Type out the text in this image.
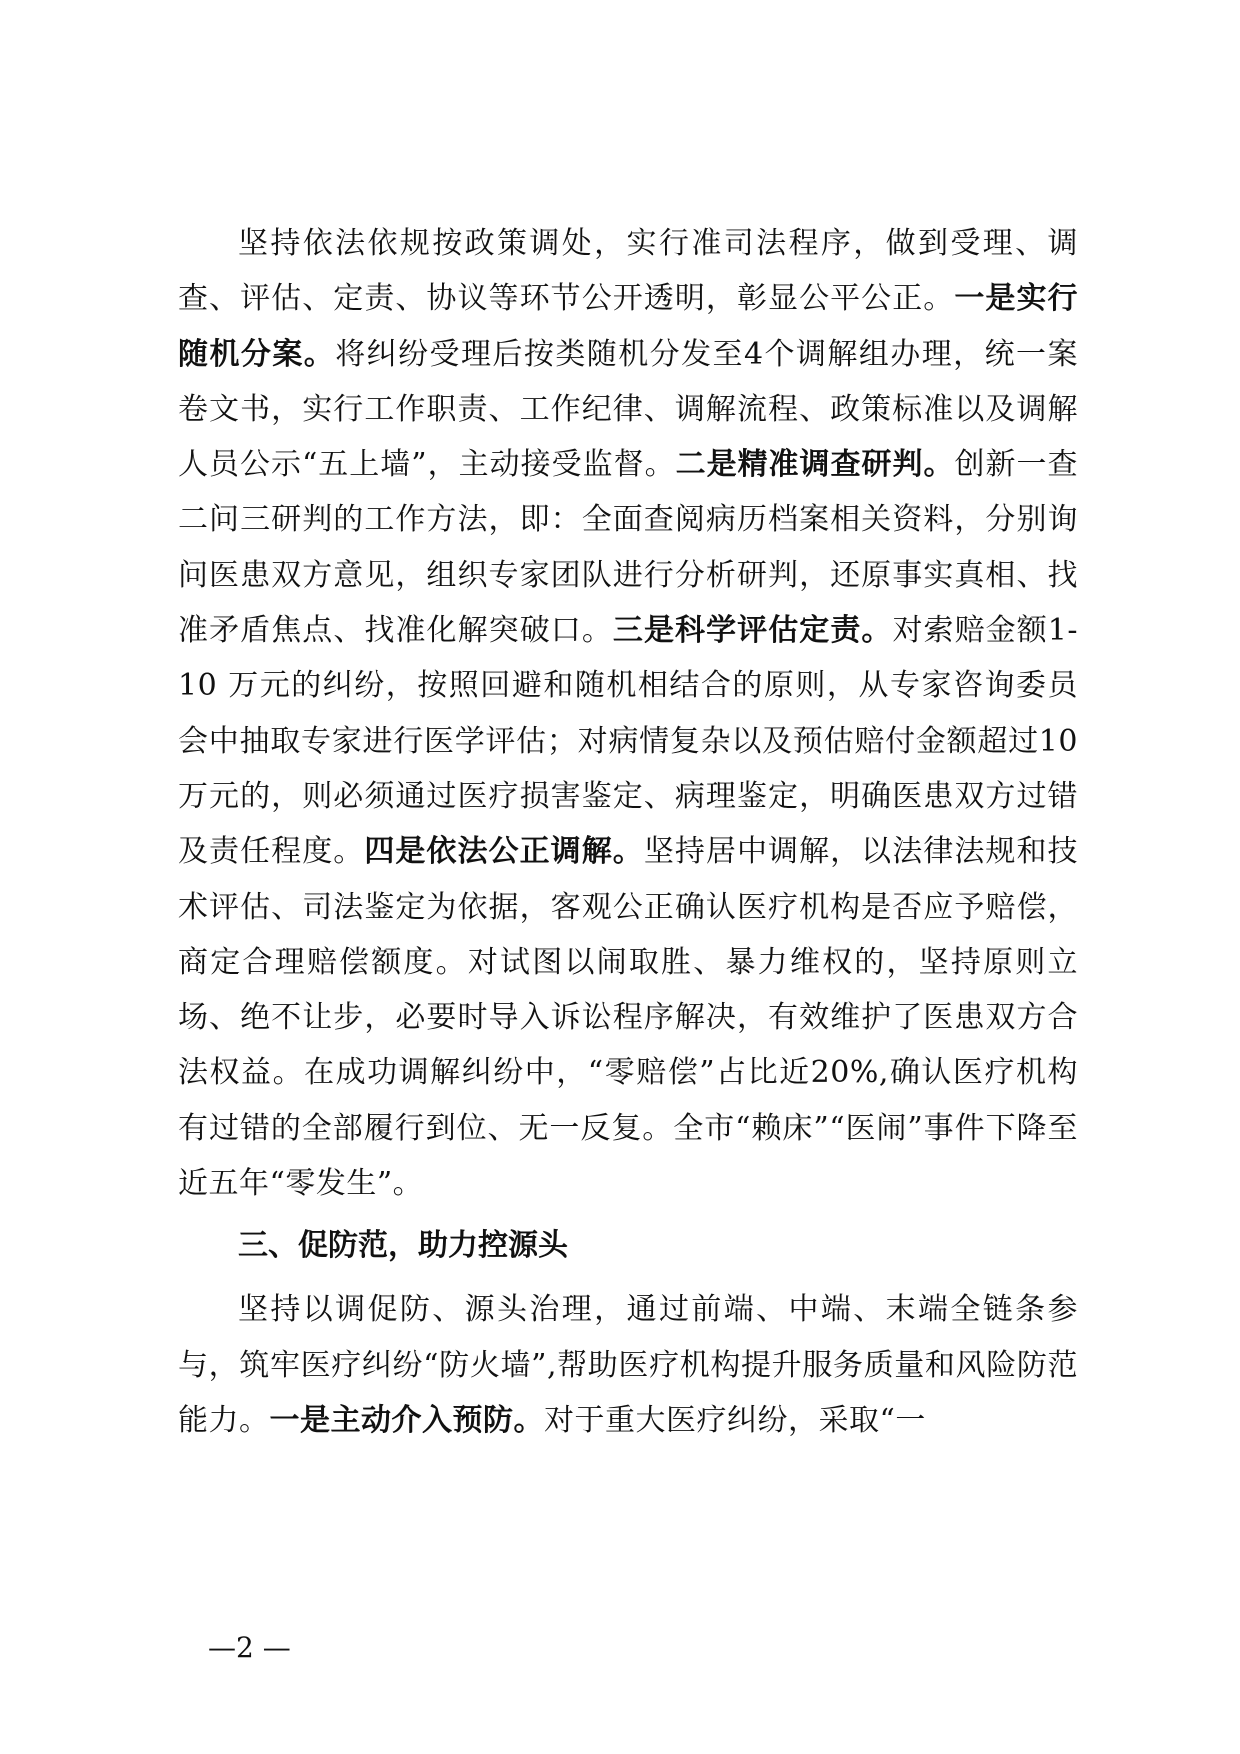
坚持依法依规按政策调处，实行准司法程序，做到受理、调查、评估、定责、协议等环节公开透明，彰显公平公正。一是实行随机分案。将纠纷受理后按类随机分发至4个调解组办理，统一案卷文书，实行工作职责、工作纪律、调解流程、政策标准以及调解人员公示“五上墙”，主动接受监督。二是精准调查研判。创新一查二问三研判的工作方法，即：全面查阅病历档案相关资料，分别询问医患双方意见，组织专家团队进行分析研判，还原事实真相、找准矛盾焦点、找准化解突破口。三是科学评估定责。对索赔金额1-10 万元的纠纷，按照回避和随机相结合的原则，从专家咨询委员会中抽取专家进行医学评估；对病情复杂以及预估赔付金额超过10万元的，则必须通过医疗损害鉴定、病理鉴定，明确医患双方过错及责任程度。四是依法公正调解。坚持居中调解，以法律法规和技术评估、司法鉴定为依据，客观公正确认医疗机构是否应予赔偿，商定合理赔偿额度。对试图以闹取胜、暴力维权的，坚持原则立场、绝不让步，必要时导入诉讼程序解决，有效维护了医患双方合法权益。在成功调解纠纷中，“零赔偿”占比近20%,确认医疗机构有过错的全部履行到位、无一反复。全市“赖床”“医闹”事件下降至近五年“零发生”。

三、促防范，助力控源头

坚持以调促防、源头治理，通过前端、中端、末端全链条参与，筑牢医疗纠纷“防火墙”,帮助医疗机构提升服务质量和风险防范能力。一是主动介入预防。对于重大医疗纠纷，采取“一

—2 —
